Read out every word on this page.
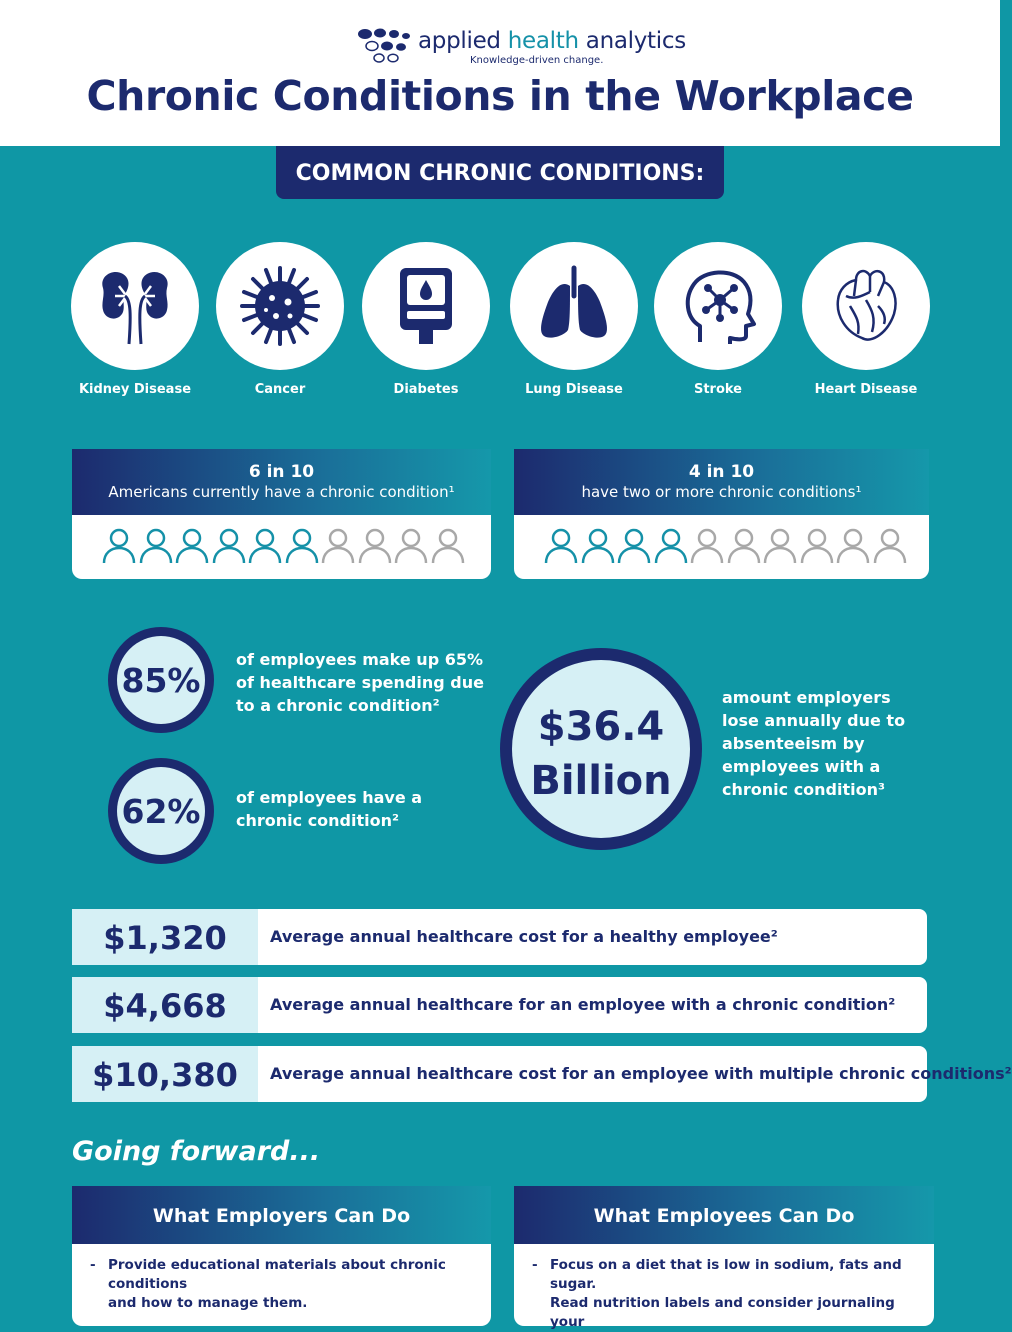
applied health analytics
Knowledge-driven change.
Chronic Conditions in the Workplace
COMMON CHRONIC CONDITIONS:
Kidney Disease	Cancer	Diabetes	Lung Disease	Stroke	Heart Disease
6 in 10
Americans currently have a chronic condition¹
4 in 10
have two or more chronic conditions¹
85%
of employees make up 65%
of healthcare spending due
to a chronic condition²
62% of employees have a
chronic condition²
$36.4
Billion
amount employers
lose annually due to
absenteeism by
employees with a
chronic condition³
$1,320	Average annual healthcare cost for a healthy employee²
$4,668	Average annual healthcare for an employee with a chronic condition²
$10,380	Average annual healthcare cost for an employee with multiple chronic conditions²
Going forward...
What Employers Can Do
- Provide educational materials about chronic conditions
and how to manage them.
What Employees Can Do
- Focus on a diet that is low in sodium, fats and sugar.
Read nutrition labels and consider journaling your
